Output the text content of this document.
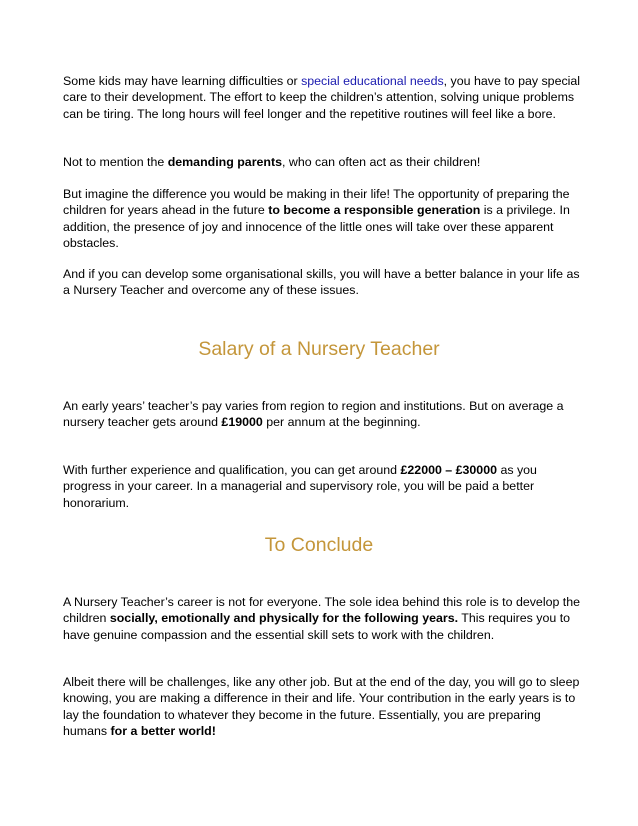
Some kids may have learning difficulties or special educational needs, you have to pay special care to their development. The effort to keep the children’s attention, solving unique problems can be tiring. The long hours will feel longer and the repetitive routines will feel like a bore.

Not to mention the demanding parents, who can often act as their children!

But imagine the difference you would be making in their life! The opportunity of preparing the children for years ahead in the future to become a responsible generation is a privilege. In addition, the presence of joy and innocence of the little ones will take over these apparent obstacles.

And if you can develop some organisational skills, you will have a better balance in your life as a Nursery Teacher and overcome any of these issues.

Salary of a Nursery Teacher

An early years’ teacher’s pay varies from region to region and institutions. But on average a nursery teacher gets around £19000 per annum at the beginning.

With further experience and qualification, you can get around £22000 – £30000 as you progress in your career. In a managerial and supervisory role, you will be paid a better honorarium.

To Conclude

A Nursery Teacher’s career is not for everyone. The sole idea behind this role is to develop the children socially, emotionally and physically for the following years. This requires you to have genuine compassion and the essential skill sets to work with the children.

Albeit there will be challenges, like any other job. But at the end of the day, you will go to sleep knowing, you are making a difference in their and life. Your contribution in the early years is to lay the foundation to whatever they become in the future. Essentially, you are preparing humans for a better world!
